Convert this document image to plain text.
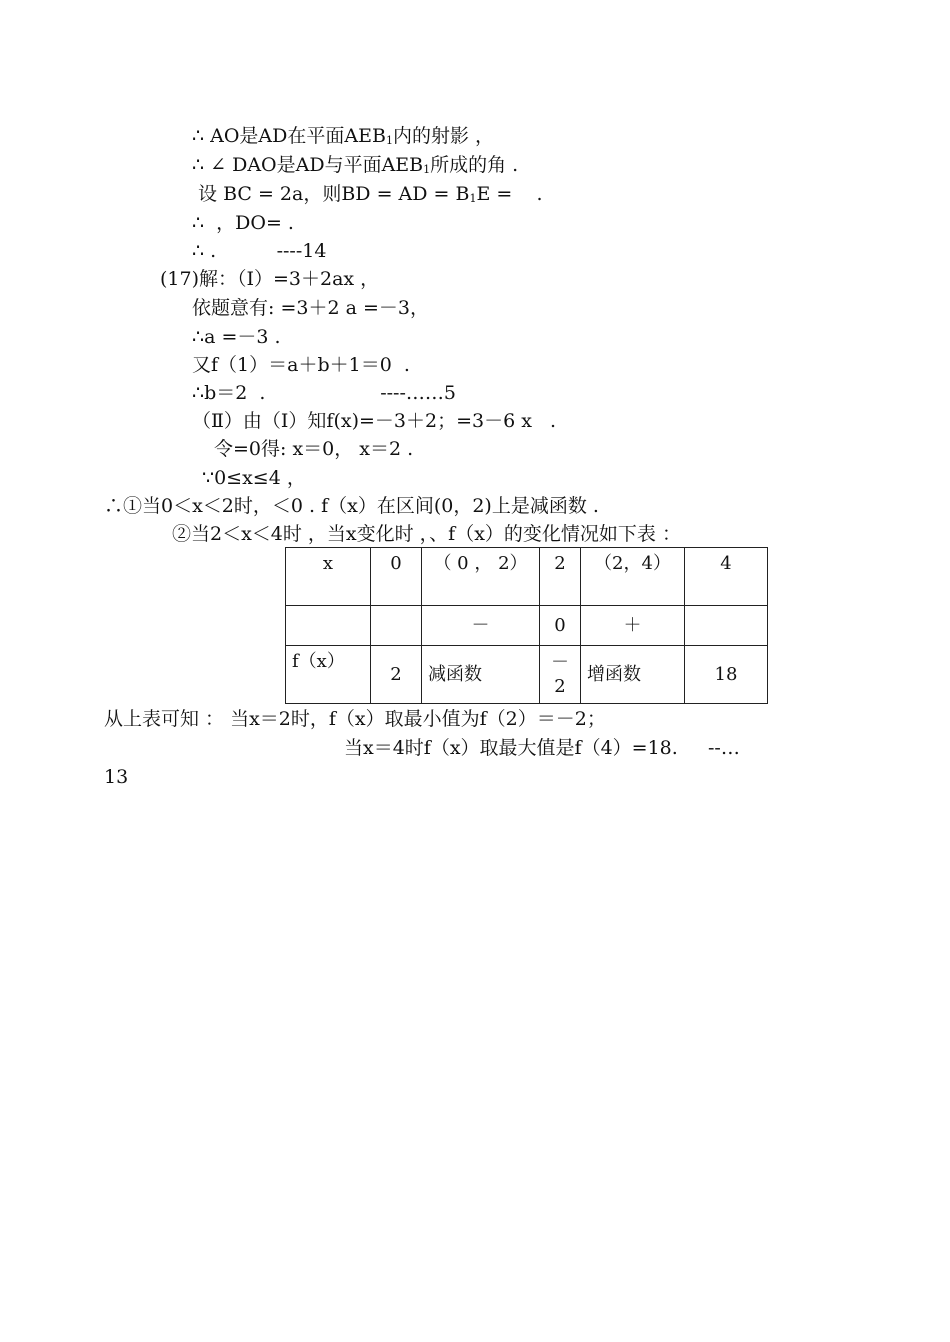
∴ AO是AD在平面$AEB_1$内的射影 ，
∴ ∠ DAO是AD与平面$AEB_1$所成的角 .
设 BC = 2a，则BD = AD = $B_1E$ =    .
∴  ，DO= .
∴ .          ----14
(17)解：（Ⅰ）=3＋2ax ，
依题意有: =3＋2 a =－3，
∴a =－3 .
又f（1）＝a＋b＋1＝0  .
∴b＝2  .                   ----……5
（Ⅱ）由（Ⅰ）知f(x)=－3＋2；=3－6 x   .
令=0得: x＝0， x＝2 .
∵0≤x≤4 ，
∴①当0＜x＜2时，＜0 . f（x）在区间(0，2)上是减函数 .
②当2＜x＜4时 ，当x变化时 ，、f（x）的变化情况如下表 ：
x	0	（ 0 ， 2）	2	（2，4）	4
		－	0	＋	
f（x）	2	减函数	－2	增函数	18
从上表可知 ： 当x＝2时，f（x）取最小值为f（2）＝－2；
当x＝4时f（x）取最大值是f（4）=18.     --…
13
